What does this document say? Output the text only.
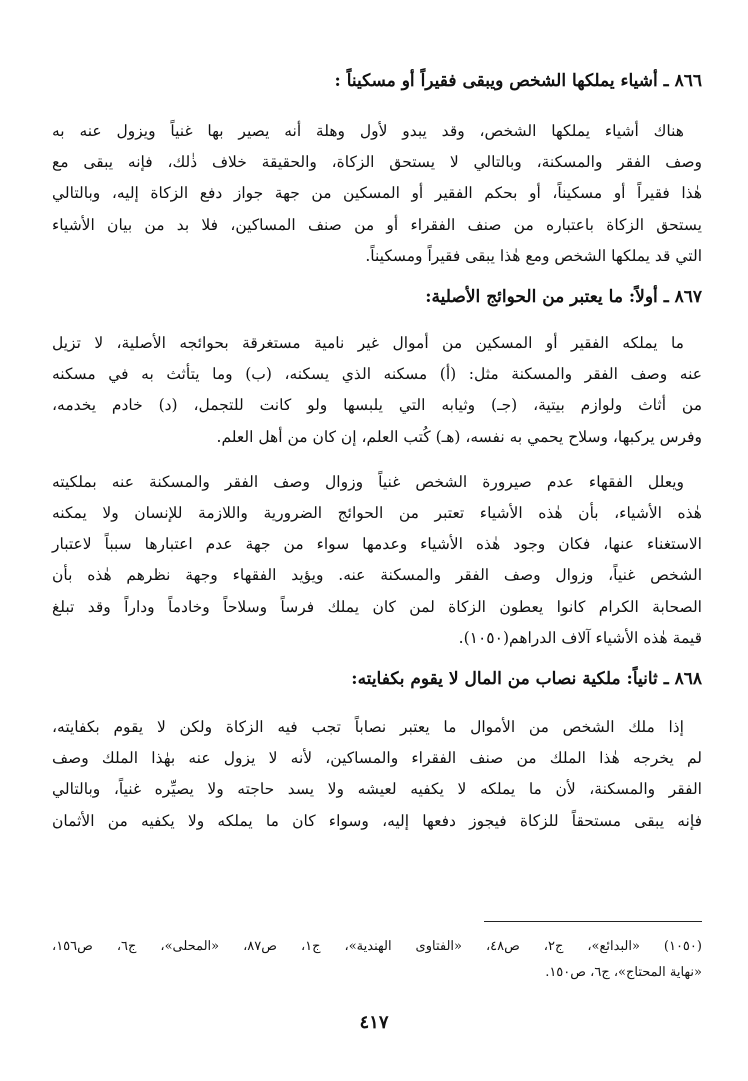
٨٦٦ ـ أشياء يملكها الشخص ويبقى فقيراً أو مسكيناً :

هناك أشياء يملكها الشخص، وقد يبدو لأول وهلة أنه يصير بها غنياً ويزول عنه به
وصف الفقر والمسكنة، وبالتالي لا يستحق الزكاة، والحقيقة خلاف ذٰلك، فإنه يبقى مع
هٰذا فقيراً أو مسكيناً، أو بحكم الفقير أو المسكين من جهة جواز دفع الزكاة إليه، وبالتالي
يستحق الزكاة باعتباره من صنف الفقراء أو من صنف المساكين، فلا بد من بيان الأشياء
التي قد يملكها الشخص ومع هٰذا يبقى فقيراً ومسكيناً.

٨٦٧ ـ أولاً: ما يعتبر من الحوائج الأصلية:

ما يملكه الفقير أو المسكين من أموال غير نامية مستغرقة بحوائجه الأصلية، لا تزيل
عنه وصف الفقر والمسكنة مثل: (أ) مسكنه الذي يسكنه، (ب) وما يتأثث به في مسكنه
من أثاث ولوازم بيتية، (جـ) وثيابه التي يلبسها ولو كانت للتجمل، (د) خادم يخدمه،
وفرس يركبها، وسلاح يحمي به نفسه، (هـ) كُتب العلم، إن كان من أهل العلم.

ويعلل الفقهاء عدم صيرورة الشخص غنياً وزوال وصف الفقر والمسكنة عنه بملكيته
هٰذه الأشياء، بأن هٰذه الأشياء تعتبر من الحوائج الضرورية واللازمة للإنسان ولا يمكنه
الاستغناء عنها، فكان وجود هٰذه الأشياء وعدمها سواء من جهة عدم اعتبارها سبباً لاعتبار
الشخص غنياً، وزوال وصف الفقر والمسكنة عنه. ويؤيد الفقهاء وجهة نظرهم هٰذه بأن
الصحابة الكرام كانوا يعطون الزكاة لمن كان يملك فرساً وسلاحاً وخادماً وداراً وقد تبلغ
قيمة هٰذه الأشياء آلاف الدراهم(١٠٥٠).

٨٦٨ ـ ثانياً: ملكية نصاب من المال لا يقوم بكفايته:

إذا ملك الشخص من الأموال ما يعتبر نصاباً تجب فيه الزكاة ولكن لا يقوم بكفايته،
لم يخرجه هٰذا الملك من صنف الفقراء والمساكين، لأنه لا يزول عنه بهٰذا الملك وصف
الفقر والمسكنة، لأن ما يملكه لا يكفيه لعيشه ولا يسد حاجته ولا يصيِّره غنياً، وبالتالي
فإنه يبقى مستحقاً للزكاة فيجوز دفعها إليه، وسواء كان ما يملكه ولا يكفيه من الأثمان

(١٠٥٠) «البدائع»، ج٢، ص٤٨، «الفتاوى الهندية»، ج١، ص٨٧، «المحلى»، ج٦، ص١٥٦،
«نهاية المحتاج»، ج٦، ص١٥٠.
٤١٧
